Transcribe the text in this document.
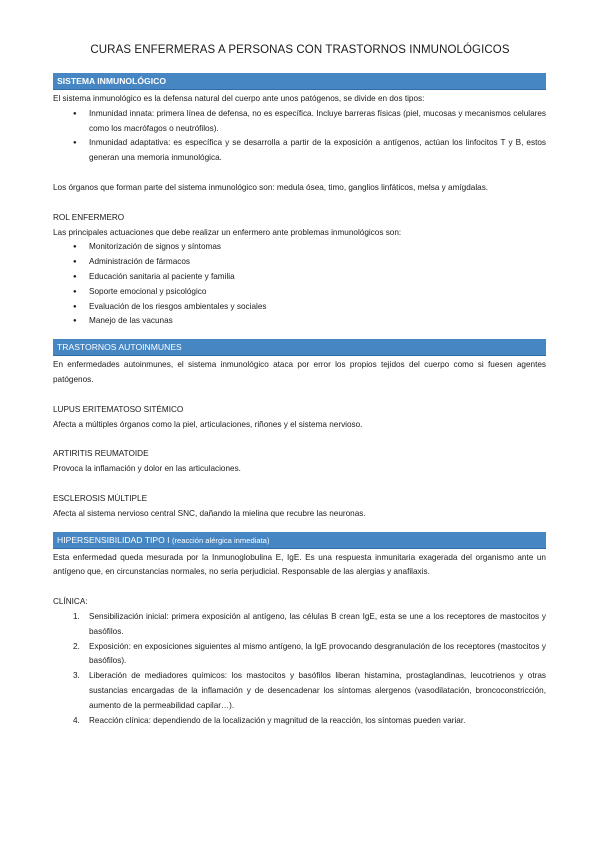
CURAS ENFERMERAS A PERSONAS CON TRASTORNOS INMUNOLÓGICOS
SISTEMA INMUNOLÓGICO

El sistema inmunológico es la defensa natural del cuerpo ante unos patógenos, se divide en dos tipos:

● Inmunidad innata: primera línea de defensa, no es específica. Incluye barreras físicas (piel, mucosas y mecanismos celulares como los macrófagos o neutrófilos).
● Inmunidad adaptativa: es específica y se desarrolla a partir de la exposición a antígenos, actúan los linfocitos T y B, estos generan una memoria inmunológica.

Los órganos que forman parte del sistema inmunológico son: medula ósea, timo, ganglios linfáticos, melsa y amígdalas.

ROL ENFERMERO

Las principales actuaciones que debe realizar un enfermero ante problemas inmunológicos son:

● Monitorización de signos y síntomas
● Administración de fármacos
● Educación sanitaria al paciente y familia
● Soporte emocional y psicológico
● Evaluación de los riesgos ambientales y sociales
● Manejo de las vacunas
TRASTORNOS AUTOINMUNES

En enfermedades autoinmunes, el sistema inmunológico ataca por error los propios tejidos del cuerpo como si fuesen agentes patógenos.

LUPUS ERITEMATOSO SITÉMICO

Afecta a múltiples órganos como la piel, articulaciones, riñones y el sistema nervioso.

ARTIRITIS REUMATOIDE

Provoca la inflamación y dolor en las articulaciones.

ESCLEROSIS MÚLTIPLE

Afecta al sistema nervioso central SNC, dañando la mielina que recubre las neuronas.

HIPERSENSIBILIDAD TIPO I (reacción alérgica inmediata)

Esta enfermedad queda mesurada por la Inmunoglobulina E, IgE. Es una respuesta inmunitaria exagerada del organismo ante un antígeno que, en circunstancias normales, no seria perjudicial. Responsable de las alergias y anafilaxis.

CLÍNICA:

1. Sensibilización inicial: primera exposición al antígeno, las células B crean IgE, esta se une a los receptores de mastocitos y basófilos.
2. Exposición: en exposiciones siguientes al mismo antígeno, la IgE provocando desgranulación de los receptores (mastocitos y basófilos).
3. Liberación de mediadores químicos: los mastocitos y basófilos liberan histamina, prostaglandinas, leucotrienos y otras sustancias encargadas de la inflamación y de desencadenar los síntomas alergenos (vasodilatación, broncoconstricción, aumento de la permeabilidad capilar…).
4. Reacción clínica: dependiendo de la localización y magnitud de la reacción, los síntomas pueden variar.
